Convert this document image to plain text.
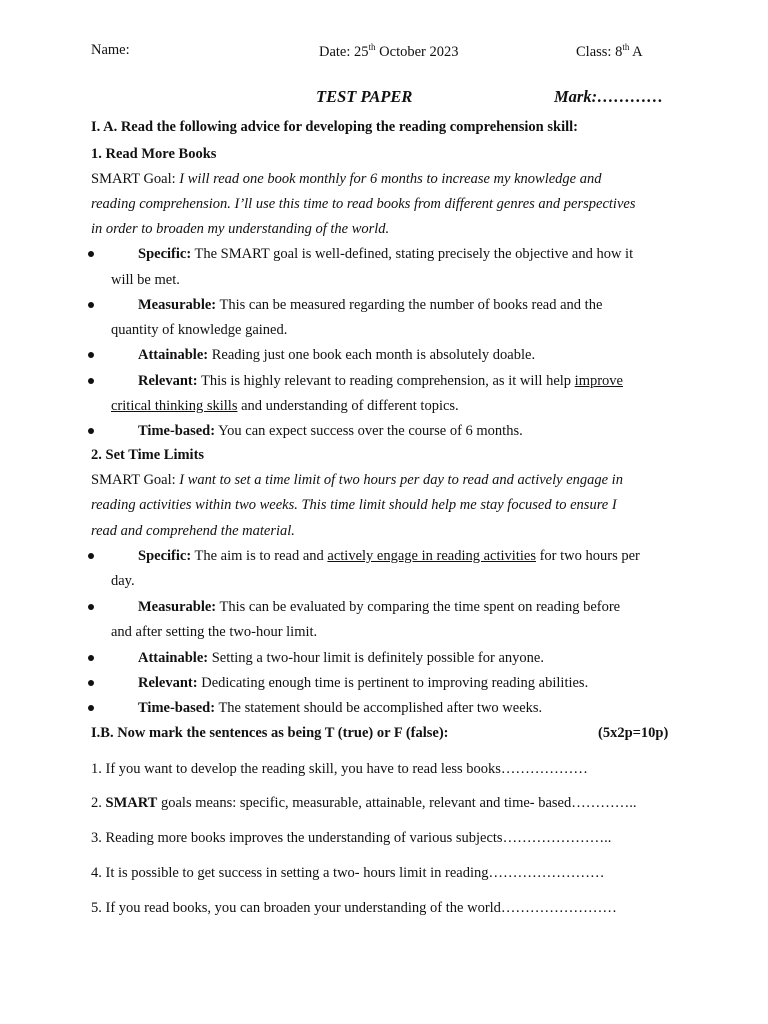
Name:	Date: 25th October 2023	Class: 8th A
TEST PAPER	Mark:…………
I. A. Read the following advice for developing the reading comprehension skill:
1. Read More Books
SMART Goal: I will read one book monthly for 6 months to increase my knowledge and
reading comprehension. I’ll use this time to read books from different genres and perspectives
in order to broaden my understanding of the world.
Specific: The SMART goal is well-defined, stating precisely the objective and how it
will be met.
Measurable: This can be measured regarding the number of books read and the
quantity of knowledge gained.
Attainable: Reading just one book each month is absolutely doable.
Relevant: This is highly relevant to reading comprehension, as it will help improve
critical thinking skills and understanding of different topics.
Time-based: You can expect success over the course of 6 months.
2. Set Time Limits
SMART Goal: I want to set a time limit of two hours per day to read and actively engage in
reading activities within two weeks. This time limit should help me stay focused to ensure I
read and comprehend the material.
Specific: The aim is to read and actively engage in reading activities for two hours per
day.
Measurable: This can be evaluated by comparing the time spent on reading before
and after setting the two-hour limit.
Attainable: Setting a two-hour limit is definitely possible for anyone.
Relevant: Dedicating enough time is pertinent to improving reading abilities.
Time-based: The statement should be accomplished after two weeks.
I.B. Now mark the sentences as being T (true) or F (false):	(5x2p=10p)
1. If you want to develop the reading skill, you have to read less books………………
2. SMART goals means: specific, measurable, attainable, relevant and time- based…………..
3. Reading more books improves the understanding of various subjects…………………..
4. It is possible to get success in setting a two- hours limit in reading……………………
5. If you read books, you can broaden your understanding of the world……………………
